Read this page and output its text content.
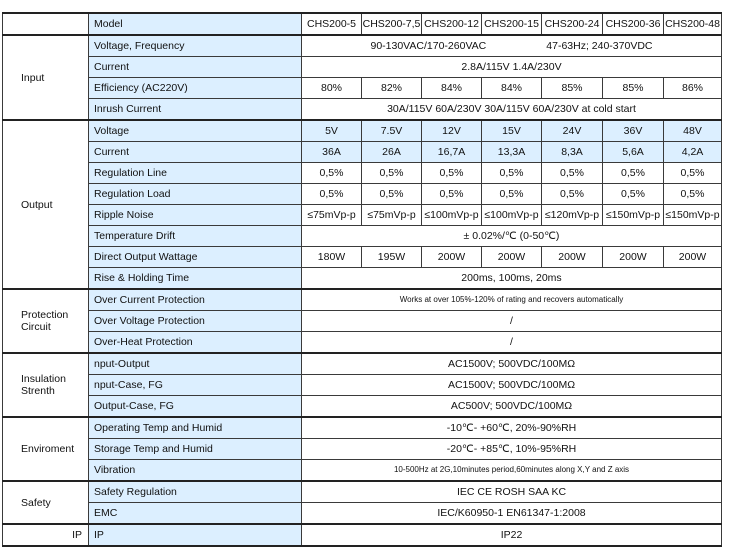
	Model	CHS200-5	CHS200-7,5	CHS200-12	CHS200-15	CHS200-24	CHS200-36	CHS200-48
Input	Voltage, Frequency	90-130VAC/170-260VAC 47-63Hz; 240-370VDC						

	Current	2.8A/115V 1.4A/230V						
	Efficiency (AC220V)	80%	82%	84%	84%	85%	85%	86%
	Inrush Current	30A/115V 60A/230V 30A/115V 60A/230V at cold start						
Output	Voltage	5V	7.5V	12V	15V	24V	36V	48V
	Current	36A	26A	16,7A	13,3A	8,3A	5,6A	4,2A
	Regulation Line	0,5%	0,5%	0,5%	0,5%	0,5%	0,5%	0,5%
	Regulation Load	0,5%	0,5%	0,5%	0,5%	0,5%	0,5%	0,5%
	Ripple Noise	≤75mVp-p	≤75mVp-p	≤100mVp-p	≤100mVp-p	≤120mVp-p	≤150mVp-p	≤150mVp-p
	Temperature Drift	± 0.02%/℃ (0-50℃)						
	Direct Output Wattage	180W	195W	200W	200W	200W	200W	200W
	Rise & Holding Time	200ms, 100ms, 20ms						

Protection
Circuit	Over Current Protection	Works at over 105%-120% of rating and recovers automatically						
	Over Voltage Protection	/						
	Over-Heat Protection	/						

Insulation
Strenth	nput-Output	AC1500V; 500VDC/100MΩ						
	nput-Case, FG	AC1500V; 500VDC/100MΩ						
	Output-Case, FG	AC500V; 500VDC/100MΩ						
Enviroment	Operating Temp and Humid	-10℃- +60℃, 20%-90%RH						
	Storage Temp and Humid	-20℃- +85℃, 10%-95%RH						
	Vibration	10-500Hz at 2G,10minutes period,60minutes along X,Y and Z axis						
Safety	Safety Regulation	IEC CE ROSH SAA KC						
	EMC	IEC/K60950-1 EN61347-1:2008						
IP	IP	IP22						
